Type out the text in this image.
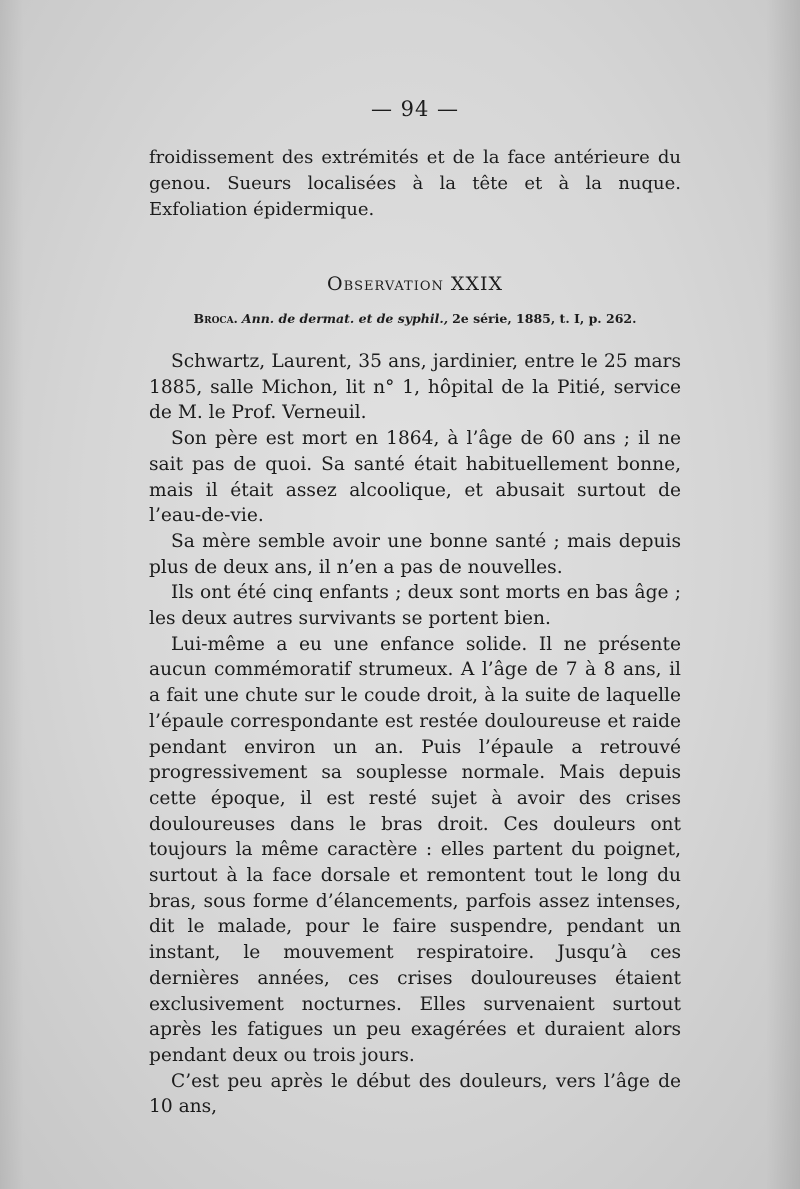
— 94 —

froidissement des extrémités et de la face antérieure du genou. Sueurs localisées à la tête et à la nuque. Exfoliation épidermique.

Observation XXIX
Broca. Ann. de dermat. et de syphil., 2e série, 1885, t. I, p. 262.

Schwartz, Laurent, 35 ans, jardinier, entre le 25 mars 1885, salle Michon, lit n° 1, hôpital de la Pitié, service de M. le Prof. Verneuil.

Son père est mort en 1864, à l’âge de 60 ans ; il ne sait pas de quoi. Sa santé était habituellement bonne, mais il était assez alcoolique, et abusait surtout de l’eau-de-vie.

Sa mère semble avoir une bonne santé ; mais depuis plus de deux ans, il n’en a pas de nouvelles.

Ils ont été cinq enfants ; deux sont morts en bas âge ; les deux autres survivants se portent bien.

Lui-même a eu une enfance solide. Il ne présente aucun commémoratif strumeux. A l’âge de 7 à 8 ans, il a fait une chute sur le coude droit, à la suite de laquelle l’épaule correspondante est restée douloureuse et raide pendant environ un an. Puis l’épaule a retrouvé progressivement sa souplesse normale. Mais depuis cette époque, il est resté sujet à avoir des crises douloureuses dans le bras droit. Ces douleurs ont toujours la même caractère : elles partent du poignet, surtout à la face dorsale et remontent tout le long du bras, sous forme d’élancements, parfois assez intenses, dit le malade, pour le faire suspendre, pendant un instant, le mouvement respiratoire. Jusqu’à ces dernières années, ces crises douloureuses étaient exclusivement nocturnes. Elles survenaient surtout après les fatigues un peu exagérées et duraient alors pendant deux ou trois jours.

C’est peu après le début des douleurs, vers l’âge de 10 ans,
